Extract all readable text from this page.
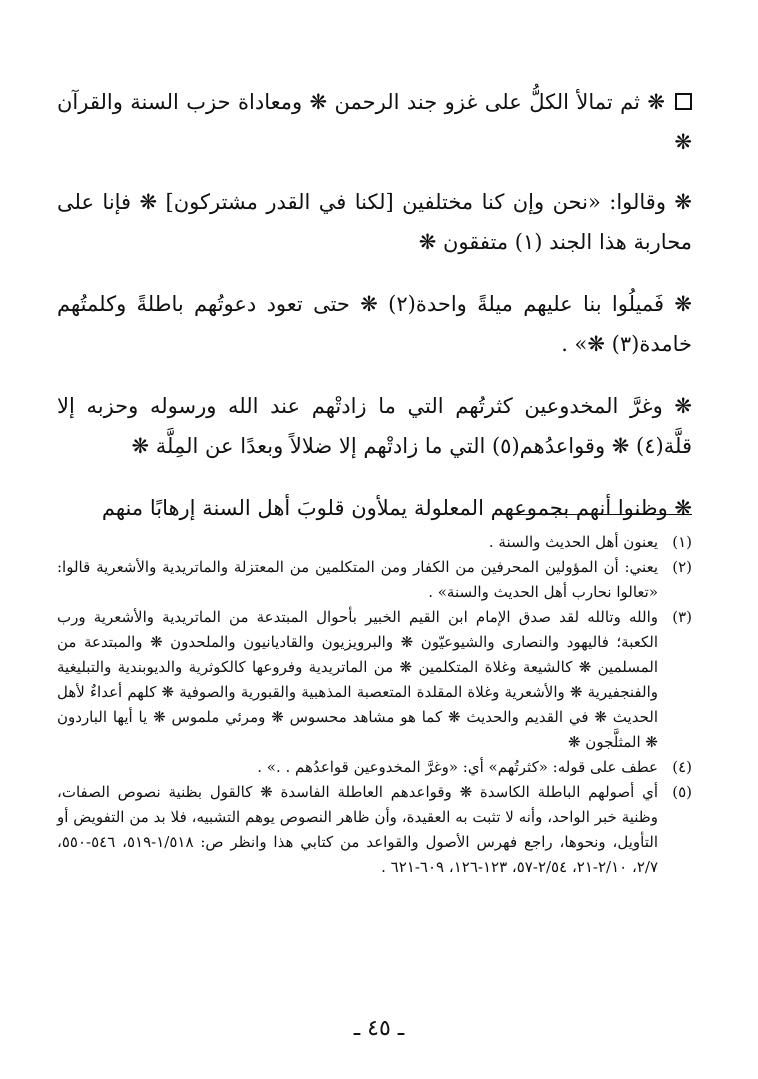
❋ ثم تمالأ الكلُّ على غزو جند الرحمن ❋ ومعاداة حزب السنة والقرآن ❋

❋ وقالوا: «نحن وإن كنا مختلفين [لكنا في القدر مشتركون] ❋ فإنا على محاربة هذا الجند (١) متفقون ❋

❋ فَميلُوا بنا عليهم ميلةً واحدة(٢) ❋ حتى تعود دعوتُهم باطلةً وكلمتُهم خامدة(٣) ❋» .

❋ وغرَّ المخدوعين كثرتُهم التي ما زادتْهم عند الله ورسوله وحزبه إلا قلَّة(٤) ❋ وقواعدُهم(٥) التي ما زادتْهم إلا ضلالاً وبعدًا عن المِلَّة ❋

❋ وظنوا أنهم بجموعهم المعلولة يملأون قلوبَ أهل السنة إرهابًا منهم

(١)
يعنون أهل الحديث والسنة .
(٢)
يعني: أن المؤولين المحرفين من الكفار ومن المتكلمين من المعتزلة والماتريدية والأشعرية قالوا: «تعالوا نحارب أهل الحديث والسنة» .
(٣)
والله وتالله لقد صدق الإمام ابن القيم الخبير بأحوال المبتدعة من الماتريدية والأشعرية ورب الكعبة؛ فاليهود والنصارى والشيوعيّون ❋ والبرويزيون والقاديانيون والملحدون ❋ والمبتدعة من المسلمين ❋ كالشيعة وغلاة المتكلمين ❋ من الماتريدية وفروعها كالكوثرية والديوبندية والتبليغية والفنجفيرية ❋ والأشعرية وغلاة المقلدة المتعصبة المذهبية والقبورية والصوفية ❋ كلهم أعداءٌ لأهل الحديث ❋ في القديم والحديث ❋ كما هو مشاهد محسوس ❋ ومرئي ملموس ❋ يا أيها الباردون ❋ المثلَّجون ❋
(٤)
عطف على قوله: «كثرتُهم» أي: «وغرَّ المخدوعين قواعدُهم . .» .
(٥)
أي أصولهم الباطلة الكاسدة ❋ وقواعدهم العاطلة الفاسدة ❋ كالقول بظنية نصوص الصفات، وظنية خبر الواحد، وأنه لا تثبت به العقيدة، وأن ظاهر النصوص يوهم التشبيه، فلا بد من التفويض أو التأويل، ونحوها، راجع فهرس الأصول والقواعد من كتابي هذا وانظر ص: ١/٥١٨-٥١٩، ٥٤٦-٥٥٠، ٢/٧، ٢/١٠-٢١، ٢/٥٤-٥٧، ١٢٣-١٢٦، ٦٠٩-٦٢١ .
ـ ٤٥ ـ
